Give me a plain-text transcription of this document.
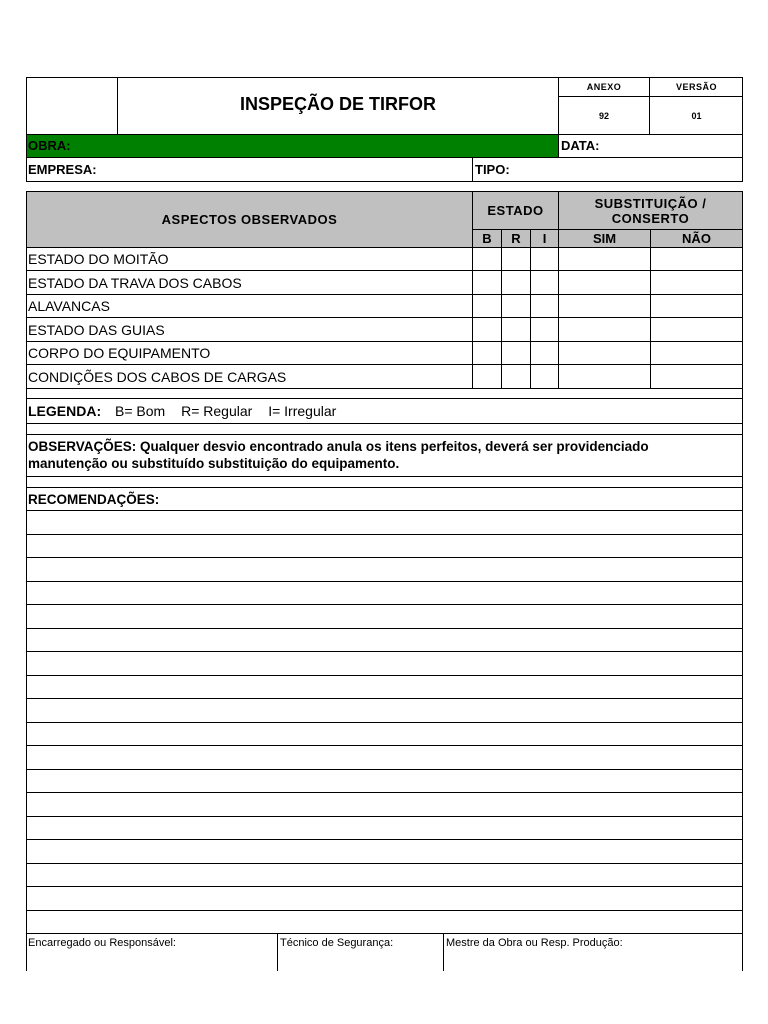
INSPEÇÃO DE TIRFOR
ANEXO	VERSÃO
92	01
OBRA:	DATA:
EMPRESA:	TIPO:
ASPECTOS OBSERVADOS
ESTADO	SUBSTITUIÇÃO /
CONSERTO
B	R	I	SIM	NÃO
ESTADO DO MOITÃO
ESTADO DA TRAVA DOS CABOS
ALAVANCAS
ESTADO DAS GUIAS
CORPO DO EQUIPAMENTO
CONDIÇÕES DOS CABOS DE CARGAS
LEGENDA: B= Bom R= Regular I= Irregular
OBSERVAÇÕES: Qualquer desvio encontrado anula os itens perfeitos, deverá ser providenciado
manutenção ou substituído substituição do equipamento.
RECOMENDAÇÕES:
Encarregado ou Responsável:	Técnico de Segurança:	Mestre da Obra ou Resp. Produção:
